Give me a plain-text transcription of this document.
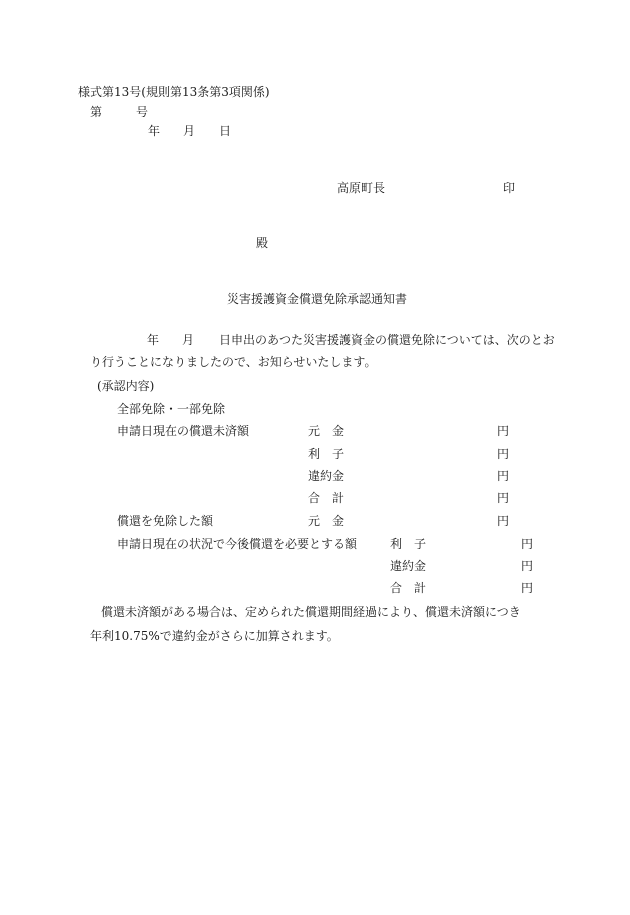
様式第13号(規則第13条第3項関係)
第	号
年 月 日
高原町長	印
殿
災害援護資金償還免除承認通知書
年 月 日申出のあつた災害援護資金の償還免除については、次のとお
り行うことになりましたので、お知らせいたします。
(承認内容)
全部免除・一部免除
申請日現在の償還未済額	元　金	円
利　子	円
違約金	円
合　計	円
償還を免除した額	元　金	円
申請日現在の状況で今後償還を必要とする額	利　子	円
違約金	円
合　計	円
償還未済額がある場合は、定められた償還期間経過により、償還未済額につき
年利10.75%で違約金がさらに加算されます。
